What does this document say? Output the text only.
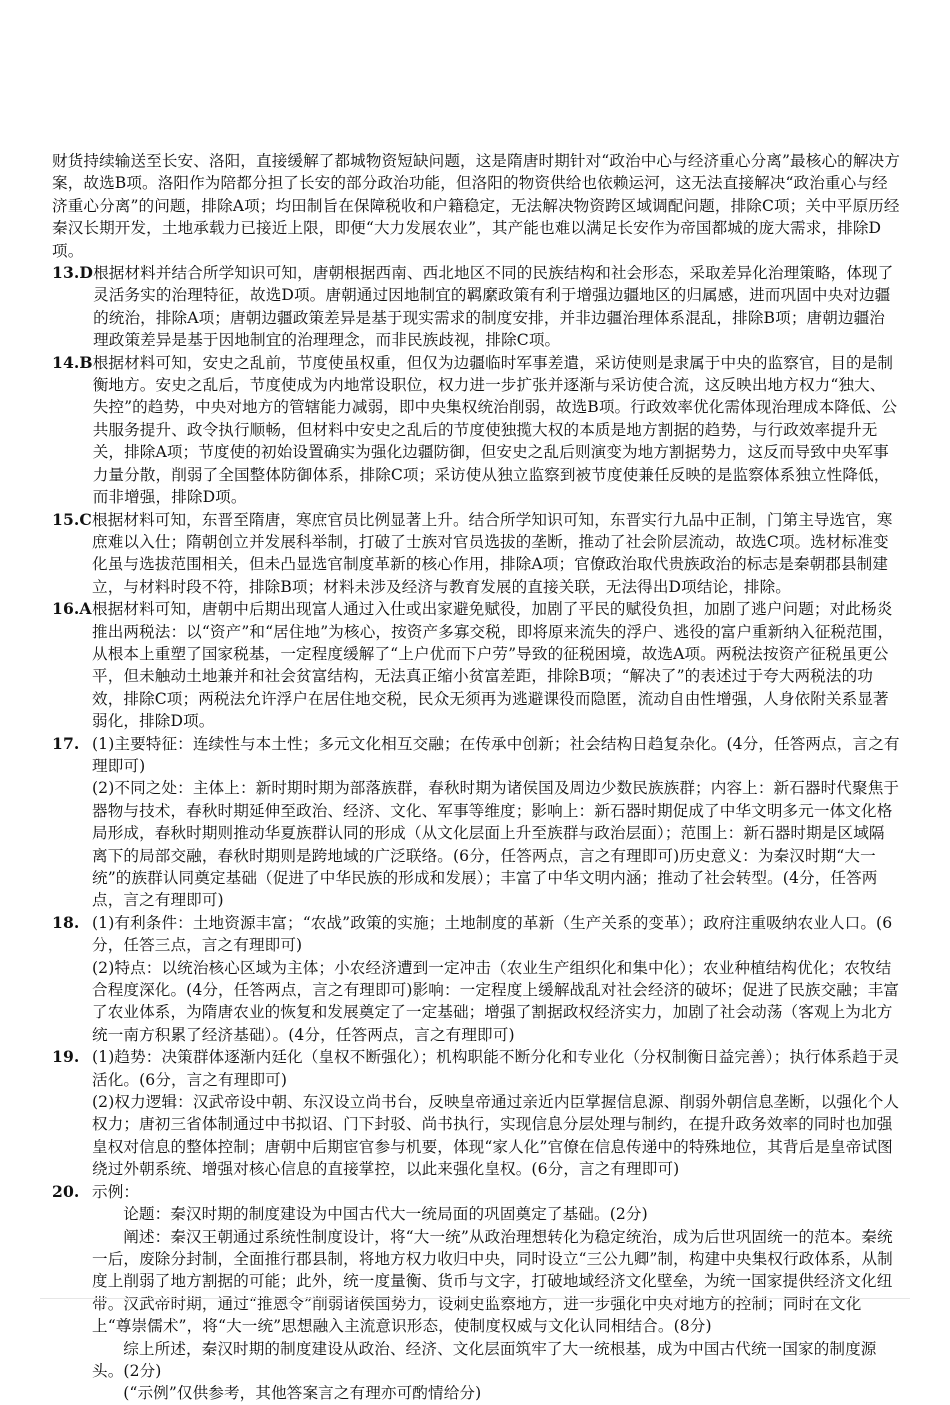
财货持续输送至长安、洛阳，直接缓解了都城物资短缺问题，这是隋唐时期针对“政治中心与经济重心分离”最核心的解决方案，故选B项。洛阳作为陪都分担了长安的部分政治功能，但洛阳的物资供给也依赖运河，这无法直接解决“政治重心与经济重心分离”的问题，排除A项；均田制旨在保障税收和户籍稳定，无法解决物资跨区域调配问题，排除C项；关中平原历经秦汉长期开发，土地承载力已接近上限，即便“大力发展农业”，其产能也难以满足长安作为帝国都城的庞大需求，排除D项。

13.D 根据材料并结合所学知识可知，唐朝根据西南、西北地区不同的民族结构和社会形态，采取差异化治理策略，体现了灵活务实的治理特征，故选D项。唐朝通过因地制宜的羁縻政策有利于增强边疆地区的归属感，进而巩固中央对边疆的统治，排除A项；唐朝边疆政策差异是基于现实需求的制度安排，并非边疆治理体系混乱，排除B项；唐朝边疆治理政策差异是基于因地制宜的治理理念，而非民族歧视，排除C项。
14.B 根据材料可知，安史之乱前，节度使虽权重，但仅为边疆临时军事差遣，采访使则是隶属于中央的监察官，目的是制衡地方。安史之乱后，节度使成为内地常设职位，权力进一步扩张并逐渐与采访使合流，这反映出地方权力“独大、失控”的趋势，中央对地方的管辖能力减弱，即中央集权统治削弱，故选B项。行政效率优化需体现治理成本降低、公共服务提升、政令执行顺畅，但材料中安史之乱后的节度使独揽大权的本质是地方割据的趋势，与行政效率提升无关，排除A项；节度使的初始设置确实为强化边疆防御，但安史之乱后则演变为地方割据势力，这反而导致中央军事力量分散，削弱了全国整体防御体系，排除C项；采访使从独立监察到被节度使兼任反映的是监察体系独立性降低，而非增强，排除D项。
15.C 根据材料可知，东晋至隋唐，寒庶官员比例显著上升。结合所学知识可知，东晋实行九品中正制，门第主导选官，寒庶难以入仕；隋朝创立并发展科举制，打破了士族对官员选拔的垄断，推动了社会阶层流动，故选C项。选材标准变化虽与选拔范围相关，但未凸显选官制度革新的核心作用，排除A项；官僚政治取代贵族政治的标志是秦朝郡县制建立，与材料时段不符，排除B项；材料未涉及经济与教育发展的直接关联，无法得出D项结论，排除。
16.A 根据材料可知，唐朝中后期出现富人通过入仕或出家避免赋役，加剧了平民的赋役负担，加剧了逃户问题；对此杨炎推出两税法：以“资产”和“居住地”为核心，按资产多寡交税，即将原来流失的浮户、逃役的富户重新纳入征税范围，从根本上重塑了国家税基，一定程度缓解了“上户优而下户劳”导致的征税困境，故选A项。两税法按资产征税虽更公平，但未触动土地兼并和社会贫富结构，无法真正缩小贫富差距，排除B项；“解决了”的表述过于夸大两税法的功效，排除C项；两税法允许浮户在居住地交税，民众无须再为逃避课役而隐匿，流动自由性增强，人身依附关系显著弱化，排除D项。
17. (1)主要特征：连续性与本土性；多元文化相互交融；在传承中创新；社会结构日趋复杂化。(4分，任答两点，言之有理即可)

(2)不同之处：主体上：新时期时期为部落族群，春秋时期为诸侯国及周边少数民族族群；内容上：新石器时代聚焦于器物与技术，春秋时期延伸至政治、经济、文化、军事等维度；影响上：新石器时期促成了中华文明多元一体文化格局形成，春秋时期则推动华夏族群认同的形成（从文化层面上升至族群与政治层面）；范围上：新石器时期是区域隔离下的局部交融，春秋时期则是跨地域的广泛联络。(6分，任答两点，言之有理即可)历史意义：为秦汉时期“大一统”的族群认同奠定基础（促进了中华民族的形成和发展）；丰富了中华文明内涵；推动了社会转型。(4分，任答两点，言之有理即可)

18. (1)有利条件：土地资源丰富；“农战”政策的实施；土地制度的革新（生产关系的变革）；政府注重吸纳农业人口。(6分，任答三点，言之有理即可)

(2)特点：以统治核心区域为主体；小农经济遭到一定冲击（农业生产组织化和集中化）；农业种植结构优化；农牧结合程度深化。(4分，任答两点，言之有理即可)影响：一定程度上缓解战乱对社会经济的破坏；促进了民族交融；丰富了农业体系，为隋唐农业的恢复和发展奠定了一定基础；增强了割据政权经济实力，加剧了社会动荡（客观上为北方统一南方积累了经济基础）。(4分，任答两点，言之有理即可)

19. (1)趋势：决策群体逐渐内廷化（皇权不断强化）；机构职能不断分化和专业化（分权制衡日益完善）；执行体系趋于灵活化。(6分，言之有理即可)

(2)权力逻辑：汉武帝设中朝、东汉设立尚书台，反映皇帝通过亲近内臣掌握信息源、削弱外朝信息垄断，以强化个人权力；唐初三省体制通过中书拟诏、门下封驳、尚书执行，实现信息分层处理与制约，在提升政务效率的同时也加强皇权对信息的整体控制；唐朝中后期宦官参与机要，体现“家人化”官僚在信息传递中的特殊地位，其背后是皇帝试图绕过外朝系统、增强对核心信息的直接掌控，以此来强化皇权。(6分，言之有理即可)

20. 示例：

论题：秦汉时期的制度建设为中国古代大一统局面的巩固奠定了基础。(2分)

阐述：秦汉王朝通过系统性制度设计，将“大一统”从政治理想转化为稳定统治，成为后世巩固统一的范本。秦统一后，废除分封制，全面推行郡县制，将地方权力收归中央，同时设立“三公九卿”制，构建中央集权行政体系，从制度上削弱了地方割据的可能；此外，统一度量衡、货币与文字，打破地域经济文化壁垒，为统一国家提供经济文化纽带。汉武帝时期，通过“推恩令”削弱诸侯国势力，设刺史监察地方，进一步强化中央对地方的控制；同时在文化上“尊崇儒术”，将“大一统”思想融入主流意识形态，使制度权威与文化认同相结合。(8分)

综上所述，秦汉时期的制度建设从政治、经济、文化层面筑牢了大一统根基，成为中国古代统一国家的制度源头。(2分)

(“示例”仅供参考，其他答案言之有理亦可酌情给分)
